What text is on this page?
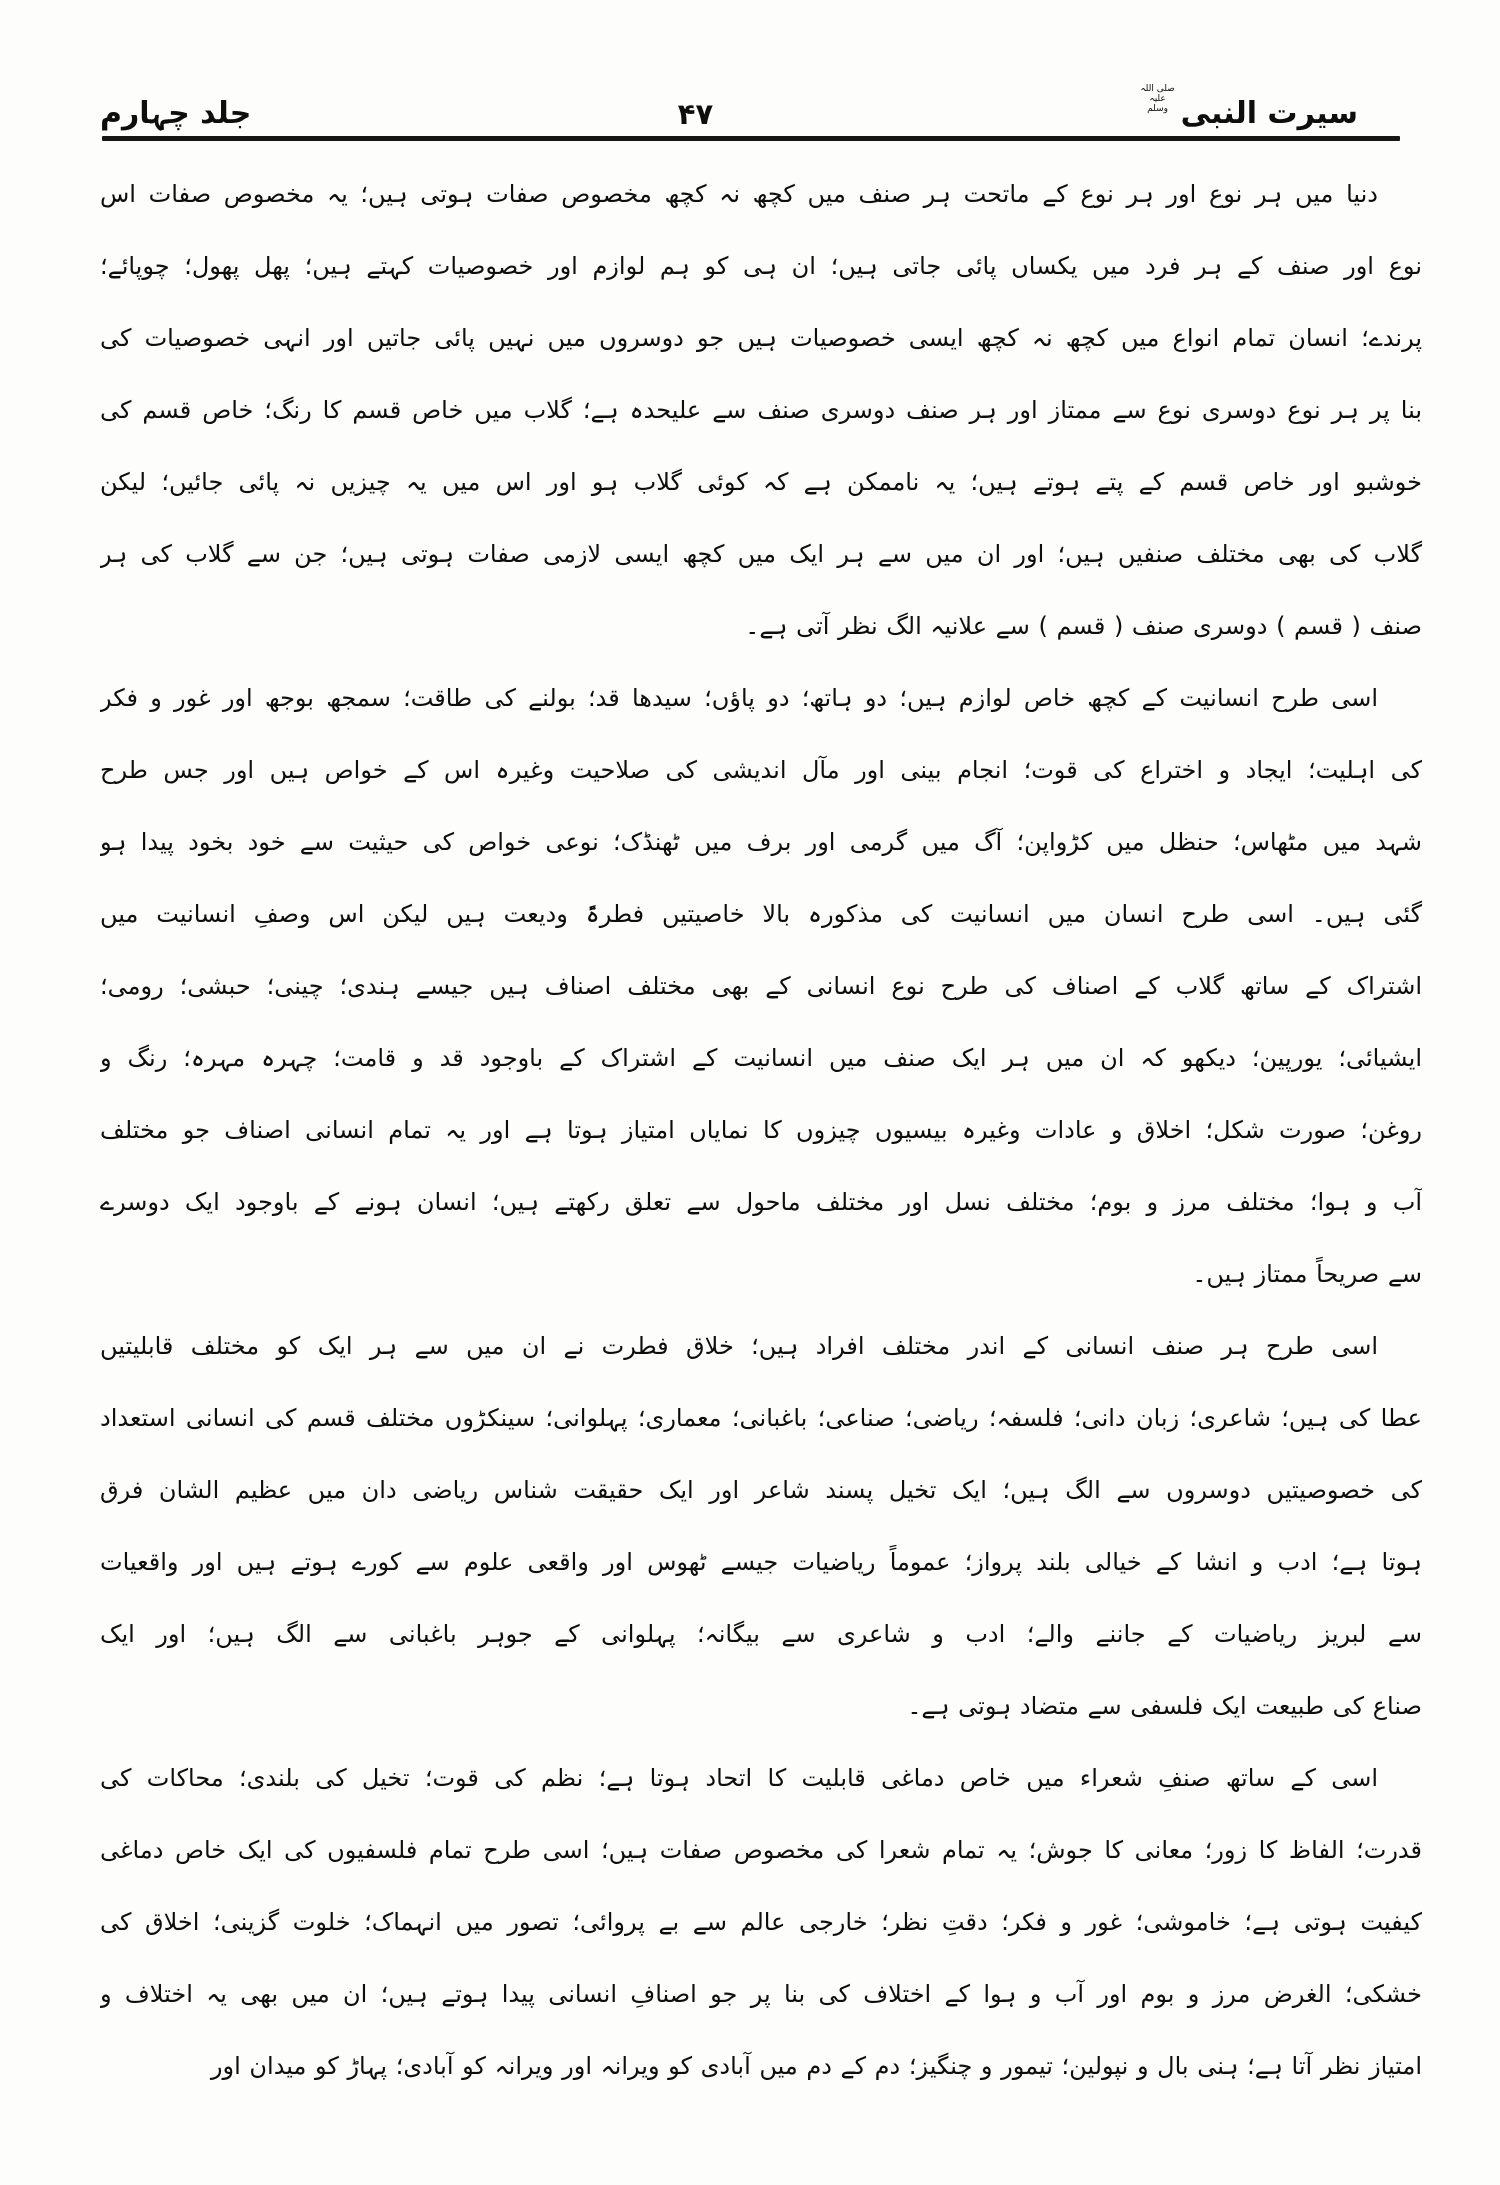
سیرت النبیصلی اللہ علیہ وسلم
۴۷
جلد چہارم
دنیا میں ہر نوع اور ہر نوع کے ماتحت ہر صنف میں کچھ نہ کچھ مخصوص صفات ہوتی ہیں؛ یہ مخصوص صفات اس
نوع اور صنف کے ہر فرد میں یکساں پائی جاتی ہیں؛ ان ہی کو ہم لوازم اور خصوصیات کہتے ہیں؛ پھل پھول؛ چوپائے؛
پرندے؛ انسان تمام انواع میں کچھ نہ کچھ ایسی خصوصیات ہیں جو دوسروں میں نہیں پائی جاتیں اور انہی خصوصیات کی
بنا پر ہر نوع دوسری نوع سے ممتاز اور ہر صنف دوسری صنف سے علیحدہ ہے؛ گلاب میں خاص قسم کا رنگ؛ خاص قسم کی
خوشبو اور خاص قسم کے پتے ہوتے ہیں؛ یہ ناممکن ہے کہ کوئی گلاب ہو اور اس میں یہ چیزیں نہ پائی جائیں؛ لیکن
گلاب کی بھی مختلف صنفیں ہیں؛ اور ان میں سے ہر ایک میں کچھ ایسی لازمی صفات ہوتی ہیں؛ جن سے گلاب کی ہر
صنف ( قسم ) دوسری صنف ( قسم ) سے علانیہ الگ نظر آتی ہے۔
اسی طرح انسانیت کے کچھ خاص لوازم ہیں؛ دو ہاتھ؛ دو پاؤں؛ سیدھا قد؛ بولنے کی طاقت؛ سمجھ بوجھ اور غور و فکر
کی اہلیت؛ ایجاد و اختراع کی قوت؛ انجام بینی اور مآل اندیشی کی صلاحیت وغیرہ اس کے خواص ہیں اور جس طرح
شہد میں مٹھاس؛ حنظل میں کڑواپن؛ آگ میں گرمی اور برف میں ٹھنڈک؛ نوعی خواص کی حیثیت سے خود بخود پیدا ہو
گئی ہیں۔ اسی طرح انسان میں انسانیت کی مذکورہ بالا خاصیتیں فطرۃً ودیعت ہیں لیکن اس وصفِ انسانیت میں
اشتراک کے ساتھ گلاب کے اصناف کی طرح نوع انسانی کے بھی مختلف اصناف ہیں جیسے ہندی؛ چینی؛ حبشی؛ رومی؛
ایشیائی؛ یورپین؛ دیکھو کہ ان میں ہر ایک صنف میں انسانیت کے اشتراک کے باوجود قد و قامت؛ چہرہ مہرہ؛ رنگ و
روغن؛ صورت شکل؛ اخلاق و عادات وغیرہ بیسیوں چیزوں کا نمایاں امتیاز ہوتا ہے اور یہ تمام انسانی اصناف جو مختلف
آب و ہوا؛ مختلف مرز و بوم؛ مختلف نسل اور مختلف ماحول سے تعلق رکھتے ہیں؛ انسان ہونے کے باوجود ایک دوسرے
سے صریحاً ممتاز ہیں۔
اسی طرح ہر صنف انسانی کے اندر مختلف افراد ہیں؛ خلاق فطرت نے ان میں سے ہر ایک کو مختلف قابلیتیں
عطا کی ہیں؛ شاعری؛ زبان دانی؛ فلسفہ؛ ریاضی؛ صناعی؛ باغبانی؛ معماری؛ پہلوانی؛ سینکڑوں مختلف قسم کی انسانی استعداد
کی خصوصیتیں دوسروں سے الگ ہیں؛ ایک تخیل پسند شاعر اور ایک حقیقت شناس ریاضی دان میں عظیم الشان فرق
ہوتا ہے؛ ادب و انشا کے خیالی بلند پرواز؛ عموماً ریاضیات جیسے ٹھوس اور واقعی علوم سے کورے ہوتے ہیں اور واقعیات
سے لبریز ریاضیات کے جاننے والے؛ ادب و شاعری سے بیگانہ؛ پہلوانی کے جوہر باغبانی سے الگ ہیں؛ اور ایک
صناع کی طبیعت ایک فلسفی سے متضاد ہوتی ہے۔
اسی کے ساتھ صنفِ شعراء میں خاص دماغی قابلیت کا اتحاد ہوتا ہے؛ نظم کی قوت؛ تخیل کی بلندی؛ محاکات کی
قدرت؛ الفاظ کا زور؛ معانی کا جوش؛ یہ تمام شعرا کی مخصوص صفات ہیں؛ اسی طرح تمام فلسفیوں کی ایک خاص دماغی
کیفیت ہوتی ہے؛ خاموشی؛ غور و فکر؛ دقتِ نظر؛ خارجی عالم سے بے پروائی؛ تصور میں انہماک؛ خلوت گزینی؛ اخلاق کی
خشکی؛ الغرض مرز و بوم اور آب و ہوا کے اختلاف کی بنا پر جو اصنافِ انسانی پیدا ہوتے ہیں؛ ان میں بھی یہ اختلاف و
امتیاز نظر آتا ہے؛ ہنی بال و نپولین؛ تیمور و چنگیز؛ دم کے دم میں آبادی کو ویرانہ اور ویرانہ کو آبادی؛ پہاڑ کو میدان اور
